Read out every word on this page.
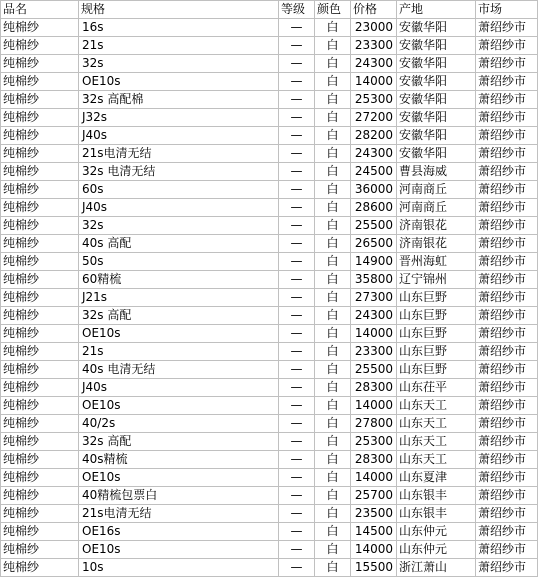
品名	规格	等级	颜色	价格	产地	市场
纯棉纱	16s	—	白	23000	安徽华阳	萧绍纱市
纯棉纱	21s	—	白	23300	安徽华阳	萧绍纱市
纯棉纱	32s	—	白	24300	安徽华阳	萧绍纱市
纯棉纱	OE10s	—	白	14000	安徽华阳	萧绍纱市
纯棉纱	32s 高配棉	—	白	25300	安徽华阳	萧绍纱市
纯棉纱	J32s	—	白	27200	安徽华阳	萧绍纱市
纯棉纱	J40s	—	白	28200	安徽华阳	萧绍纱市
纯棉纱	21s电清无结	—	白	24300	安徽华阳	萧绍纱市
纯棉纱	32s 电清无结	—	白	24500	曹县海威	萧绍纱市
纯棉纱	60s	—	白	36000	河南商丘	萧绍纱市
纯棉纱	J40s	—	白	28600	河南商丘	萧绍纱市
纯棉纱	32s	—	白	25500	济南银花	萧绍纱市
纯棉纱	40s 高配	—	白	26500	济南银花	萧绍纱市
纯棉纱	50s	—	白	14900	晋州海虹	萧绍纱市
纯棉纱	60精梳	—	白	35800	辽宁锦州	萧绍纱市
纯棉纱	J21s	—	白	27300	山东巨野	萧绍纱市
纯棉纱	32s 高配	—	白	24300	山东巨野	萧绍纱市
纯棉纱	OE10s	—	白	14000	山东巨野	萧绍纱市
纯棉纱	21s	—	白	23300	山东巨野	萧绍纱市
纯棉纱	40s 电清无结	—	白	25500	山东巨野	萧绍纱市
纯棉纱	J40s	—	白	28300	山东茌平	萧绍纱市
纯棉纱	OE10s	—	白	14000	山东天工	萧绍纱市
纯棉纱	40/2s	—	白	27800	山东天工	萧绍纱市
纯棉纱	32s 高配	—	白	25300	山东天工	萧绍纱市
纯棉纱	40s精梳	—	白	28300	山东天工	萧绍纱市
纯棉纱	OE10s	—	白	14000	山东夏津	萧绍纱市
纯棉纱	40精梳包票白	—	白	25700	山东银丰	萧绍纱市
纯棉纱	21s电清无结	—	白	23500	山东银丰	萧绍纱市
纯棉纱	OE16s	—	白	14500	山东仲元	萧绍纱市
纯棉纱	OE10s	—	白	14000	山东仲元	萧绍纱市
纯棉纱	10s	—	白	15500	浙江萧山	萧绍纱市
